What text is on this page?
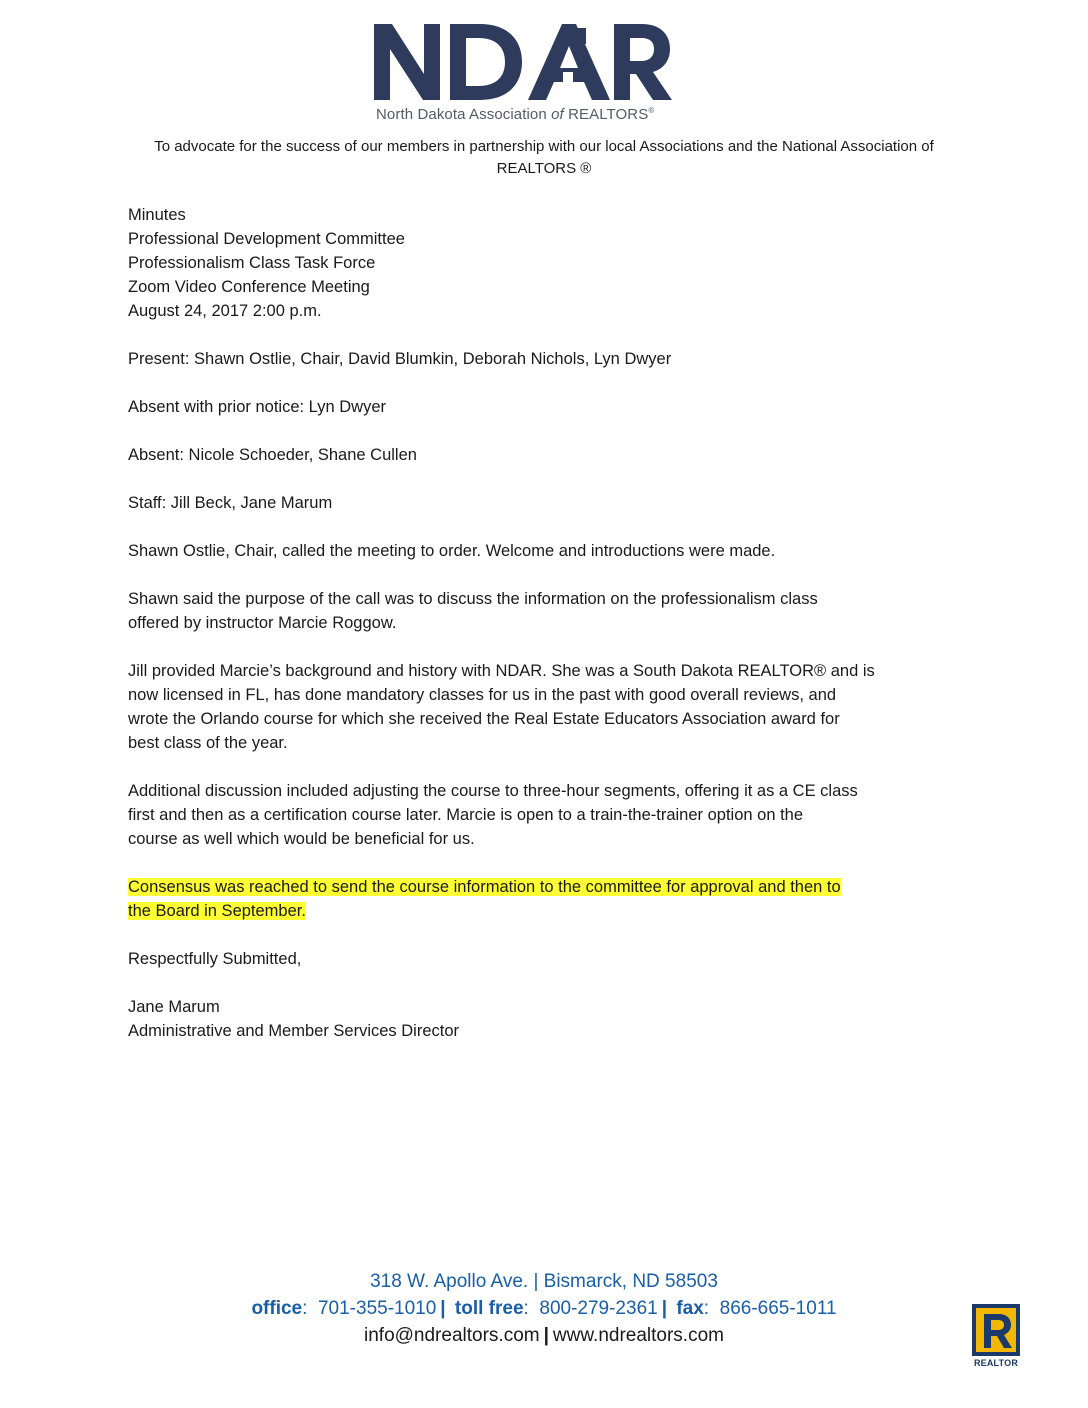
North Dakota Association of REALTORS®
To advocate for the success of our members in partnership with our local Associations and the National Association of
REALTORS ®

Minutes
Professional Development Committee
Professionalism Class Task Force
Zoom Video Conference Meeting
August 24, 2017 2:00 p.m.

Present: Shawn Ostlie, Chair, David Blumkin, Deborah Nichols, Lyn Dwyer

Absent with prior notice: Lyn Dwyer

Absent: Nicole Schoeder, Shane Cullen

Staff: Jill Beck, Jane Marum

Shawn Ostlie, Chair, called the meeting to order. Welcome and introductions were made.

Shawn said the purpose of the call was to discuss the information on the professionalism class
offered by instructor Marcie Roggow.

Jill provided Marcie’s background and history with NDAR. She was a South Dakota REALTOR® and is
now licensed in FL, has done mandatory classes for us in the past with good overall reviews, and
wrote the Orlando course for which she received the Real Estate Educators Association award for
best class of the year.

Additional discussion included adjusting the course to three-hour segments, offering it as a CE class
first and then as a certification course later. Marcie is open to a train-the-trainer option on the
course as well which would be beneficial for us.

Consensus was reached to send the course information to the committee for approval and then to
the Board in September.

Respectfully Submitted,

Jane Marum
Administrative and Member Services Director

318 W. Apollo Ave. | Bismarck, ND 58503
office:  701-355-1010 | toll free:  800-279-2361 | fax:  866-665-1011
info@ndrealtors.com | www.ndrealtors.com
REALTOR
